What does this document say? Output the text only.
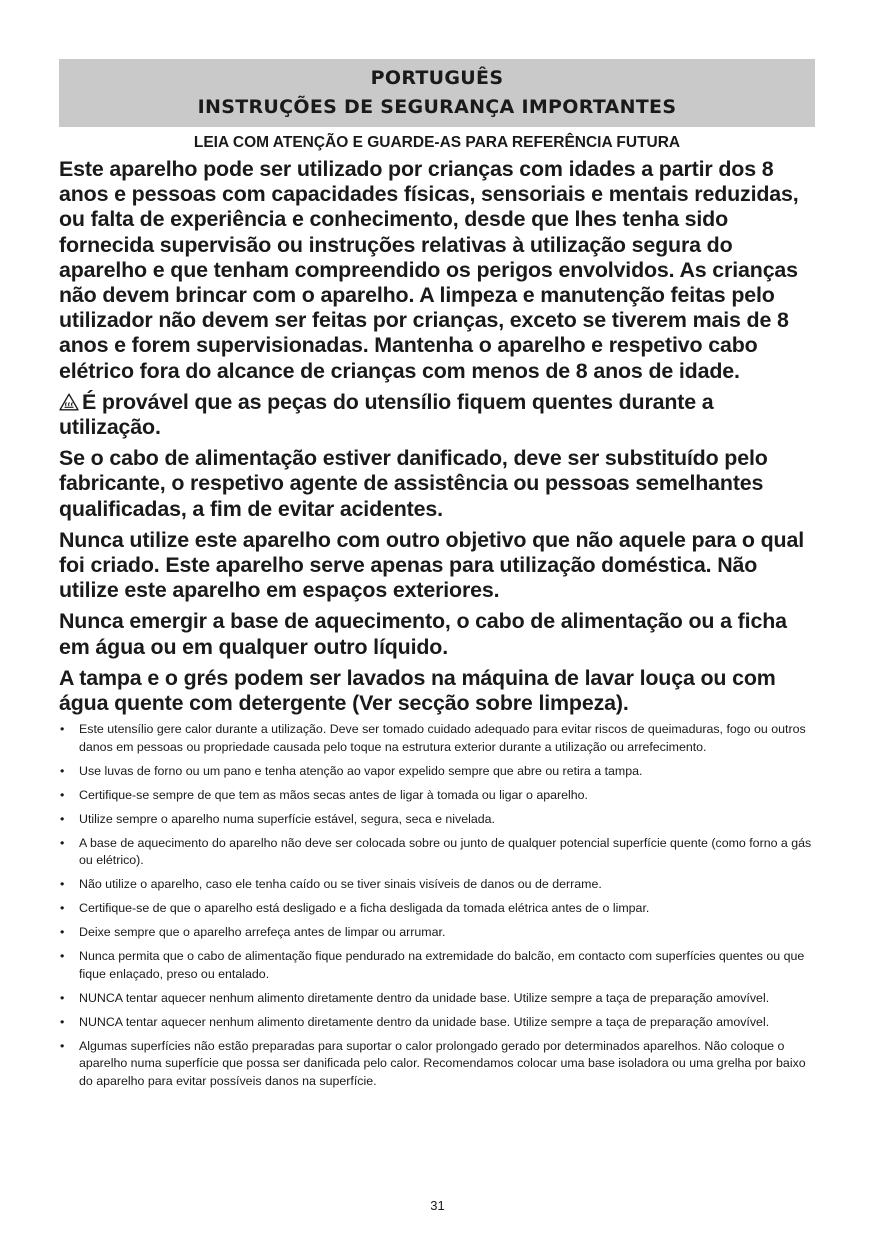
PORTUGUÊS
INSTRUÇÕES DE SEGURANÇA IMPORTANTES
LEIA COM ATENÇÃO E GUARDE-AS PARA REFERÊNCIA FUTURA

Este aparelho pode ser utilizado por crianças com idades a partir dos 8 anos e pessoas com capacidades físicas, sensoriais e mentais reduzidas, ou falta de experiência e conhecimento, desde que lhes tenha sido fornecida supervisão ou instruções relativas à utilização segura do aparelho e que tenham compreendido os perigos envolvidos. As crianças não devem brincar com o aparelho. A limpeza e manutenção feitas pelo utilizador não devem ser feitas por crianças, exceto se tiverem mais de 8 anos e forem supervisionadas. Mantenha o aparelho e respetivo cabo elétrico fora do alcance de crianças com menos de 8 anos de idade.

É provável que as peças do utensílio fiquem quentes durante a utilização.

Se o cabo de alimentação estiver danificado, deve ser substituído pelo fabricante, o respetivo agente de assistência ou pessoas semelhantes qualificadas, a fim de evitar acidentes.

Nunca utilize este aparelho com outro objetivo que não aquele para o qual foi criado. Este aparelho serve apenas para utilização doméstica. Não utilize este aparelho em espaços exteriores.

Nunca emergir a base de aquecimento, o cabo de alimentação ou a ficha em água ou em qualquer outro líquido.

A tampa e o grés podem ser lavados na máquina de lavar louça ou com água quente com detergente (Ver secção sobre limpeza).

• Este utensílio gere calor durante a utilização. Deve ser tomado cuidado adequado para evitar riscos de queimaduras, fogo ou outros danos em pessoas ou propriedade causada pelo toque na estrutura exterior durante a utilização ou arrefecimento.
• Use luvas de forno ou um pano e tenha atenção ao vapor expelido sempre que abre ou retira a tampa.
• Certifique-se sempre de que tem as mãos secas antes de ligar à tomada ou ligar o aparelho.
• Utilize sempre o aparelho numa superfície estável, segura, seca e nivelada.
• A base de aquecimento do aparelho não deve ser colocada sobre ou junto de qualquer potencial superfície quente (como forno a gás ou elétrico).
• Não utilize o aparelho, caso ele tenha caído ou se tiver sinais visíveis de danos ou de derrame.
• Certifique-se de que o aparelho está desligado e a ficha desligada da tomada elétrica antes de o limpar.
• Deixe sempre que o aparelho arrefeça antes de limpar ou arrumar.
• Nunca permita que o cabo de alimentação fique pendurado na extremidade do balcão, em contacto com superfícies quentes ou que fique enlaçado, preso ou entalado.
• NUNCA tentar aquecer nenhum alimento diretamente dentro da unidade base. Utilize sempre a taça de preparação amovível.
• NUNCA tentar aquecer nenhum alimento diretamente dentro da unidade base. Utilize sempre a taça de preparação amovível.
• Algumas superfícies não estão preparadas para suportar o calor prolongado gerado por determinados aparelhos. Não coloque o aparelho numa superfície que possa ser danificada pelo calor. Recomendamos colocar uma base isoladora ou uma grelha por baixo do aparelho para evitar possíveis danos na superfície.
31
